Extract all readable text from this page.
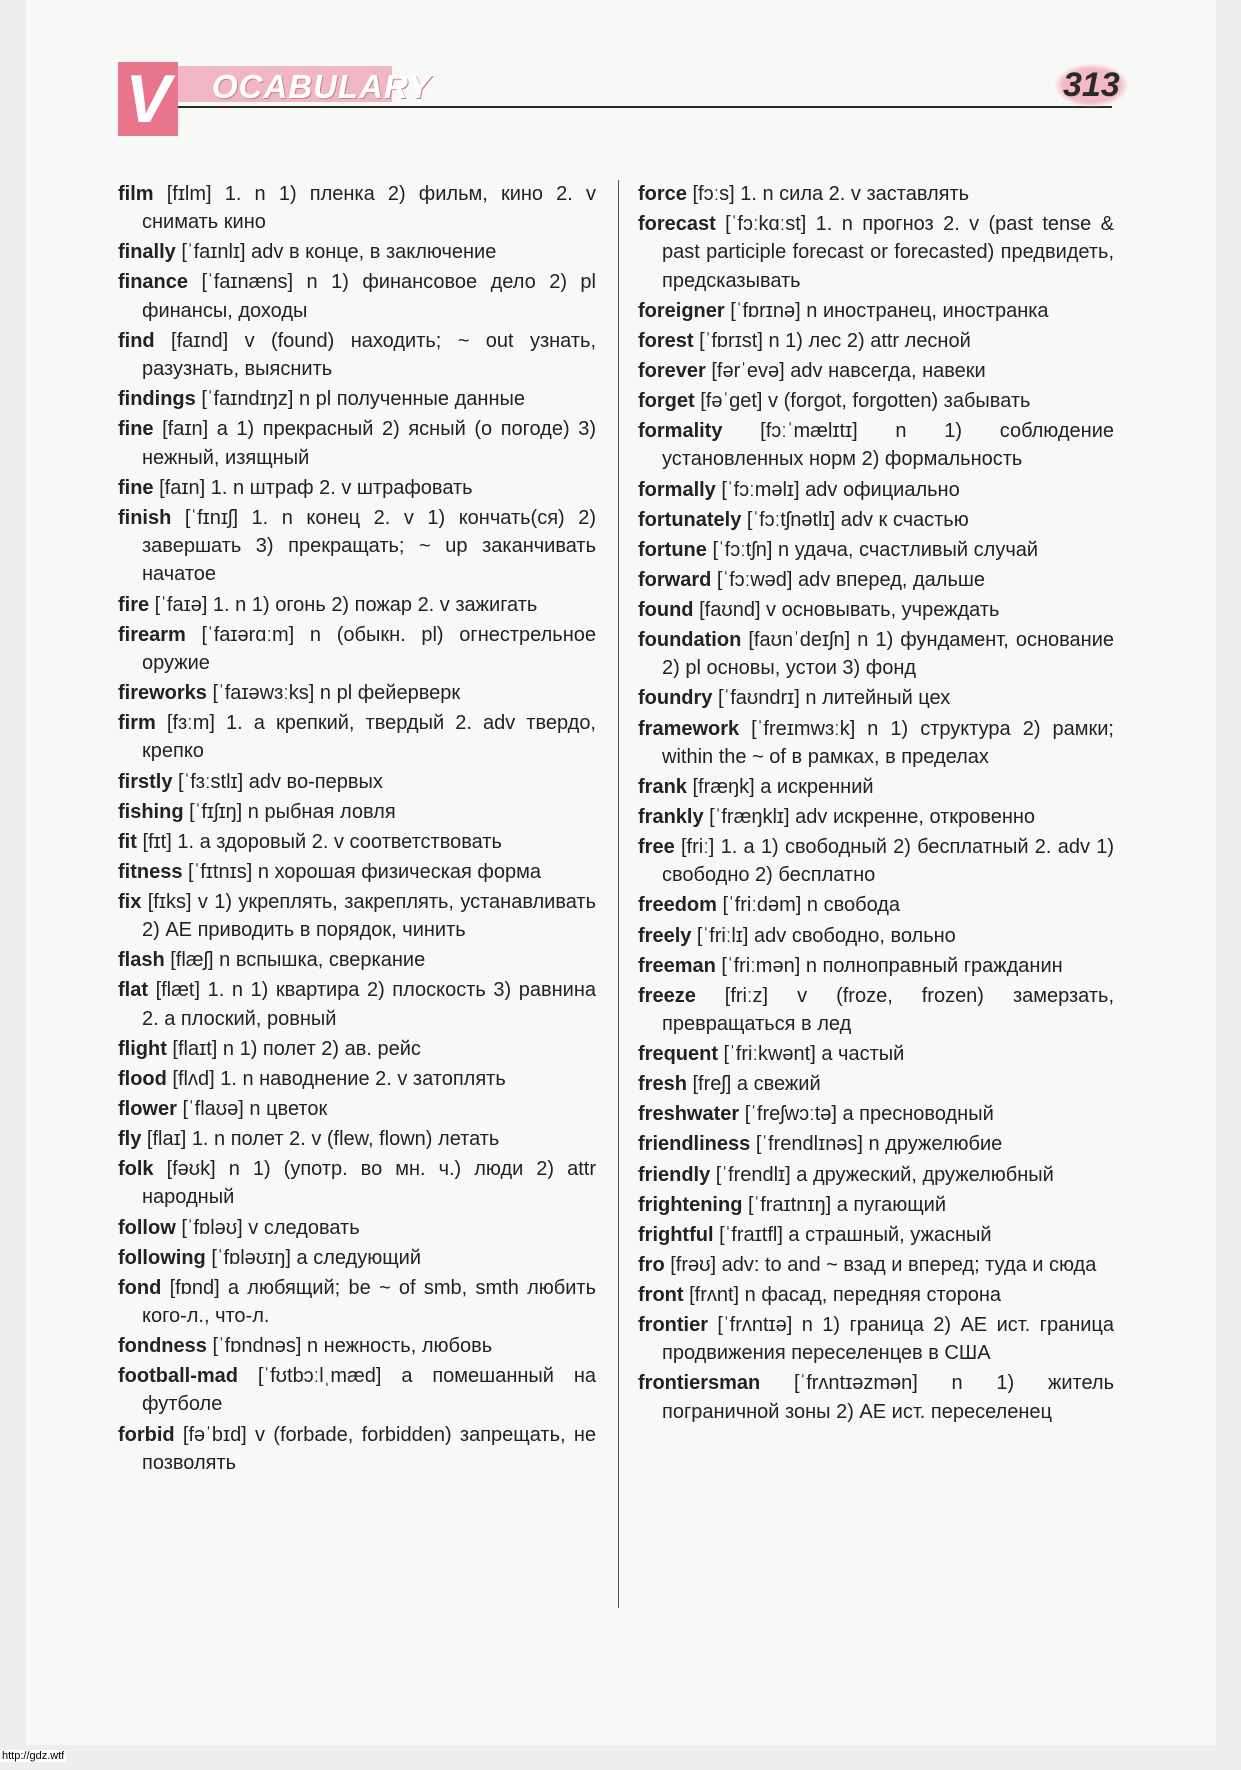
OCABULARY
V	313

film [fɪlm] 1. n 1) пленка 2) фильм, кино 2. v снимать кино

finally [ˈfaɪnlɪ] adv в конце, в заключение

finance [ˈfaɪnæns] n 1) финансовое дело 2) pl финансы, доходы

find [faɪnd] v (found) находить; ~ out узнать, разузнать, выяснить

findings [ˈfaɪndɪŋz] n pl полученные данные

fine [faɪn] a 1) прекрасный 2) ясный (о погоде) 3) нежный, изящный

fine [faɪn] 1. n штраф 2. v штрафовать

finish [ˈfɪnɪʃ] 1. n конец 2. v 1) кончать(ся) 2) завершать 3) прекращать; ~ up заканчивать начатое

fire [ˈfaɪə] 1. n 1) огонь 2) пожар 2. v зажигать

firearm [ˈfaɪərɑːm] n (обыкн. pl) огнестрельное оружие

fireworks [ˈfaɪəwɜːks] n pl фейерверк

firm [fɜːm] 1. a крепкий, твердый 2. adv твердо, крепко

firstly [ˈfɜːstlɪ] adv во-первых

fishing [ˈfɪʃɪŋ] n рыбная ловля

fit [fɪt] 1. a здоровый 2. v соответствовать

fitness [ˈfɪtnɪs] n хорошая физическая форма

fix [fɪks] v 1) укреплять, закреплять, устанавливать 2) AE приводить в порядок, чинить

flash [flæʃ] n вспышка, сверкание

flat [flæt] 1. n 1) квартира 2) плоскость 3) равнина 2. a плоский, ровный

flight [flaɪt] n 1) полет 2) ав. рейс

flood [flʌd] 1. n наводнение 2. v затоплять

flower [ˈflaʊə] n цветок

fly [flaɪ] 1. n полет 2. v (flew, flown) летать

folk [fəʊk] n 1) (употр. во мн. ч.) люди 2) attr народный

follow [ˈfɒləʊ] v следовать

following [ˈfɒləʊɪŋ] a следующий

fond [fɒnd] a любящий; be ~ of smb, smth любить кого-л., что-л.

fondness [ˈfɒndnəs] n нежность, любовь

football-mad [ˈfʊtbɔːlˌmæd] a помешанный на футболе

forbid [fəˈbɪd] v (forbade, forbidden) запрещать, не позволять

force [fɔːs] 1. n сила 2. v заставлять

forecast [ˈfɔːkɑːst] 1. n прогноз 2. v (past tense & past participle forecast or forecasted) предвидеть, предсказывать

foreigner [ˈfɒrɪnə] n иностранец, иностранка

forest [ˈfɒrɪst] n 1) лес 2) attr лесной

forever [fərˈevə] adv навсегда, навеки

forget [fəˈget] v (forgot, forgotten) забывать

formality [fɔːˈmælɪtɪ] n 1) соблюдение установленных норм 2) формальность

formally [ˈfɔːməlɪ] adv официально

fortunately [ˈfɔːtʃnətlɪ] adv к счастью

fortune [ˈfɔːtʃn] n удача, счастливый случай

forward [ˈfɔːwəd] adv вперед, дальше

found [faʊnd] v основывать, учреждать

foundation [faʊnˈdeɪʃn] n 1) фундамент, основание 2) pl основы, устои 3) фонд

foundry [ˈfaʊndrɪ] n литейный цех

framework [ˈfreɪmwɜːk] n 1) структура 2) рамки; within the ~ of в рамках, в пределах

frank [fræŋk] a искренний

frankly [ˈfræŋklɪ] adv искренне, откровенно

free [friː] 1. a 1) свободный 2) бесплатный 2. adv 1) свободно 2) бесплатно

freedom [ˈfriːdəm] n свобода

freely [ˈfriːlɪ] adv свободно, вольно

freeman [ˈfriːmən] n полноправный гражданин

freeze [friːz] v (froze, frozen) замерзать, превращаться в лед

frequent [ˈfriːkwənt] a частый

fresh [freʃ] a свежий

freshwater [ˈfreʃwɔːtə] a пресноводный

friendliness [ˈfrendlɪnəs] n дружелюбие

friendly [ˈfrendlɪ] a дружеский, дружелюбный

frightening [ˈfraɪtnɪŋ] a пугающий

frightful [ˈfraɪtfl] a страшный, ужасный

fro [frəʊ] adv: to and ~ взад и вперед; туда и сюда

front [frʌnt] n фасад, передняя сторона

frontier [ˈfrʌntɪə] n 1) граница 2) AE ист. граница продвижения переселенцев в США

frontiersman [ˈfrʌntɪəzmən] n 1) житель пограничной зоны 2) AE ист. переселенец

http://gdz.wtf
